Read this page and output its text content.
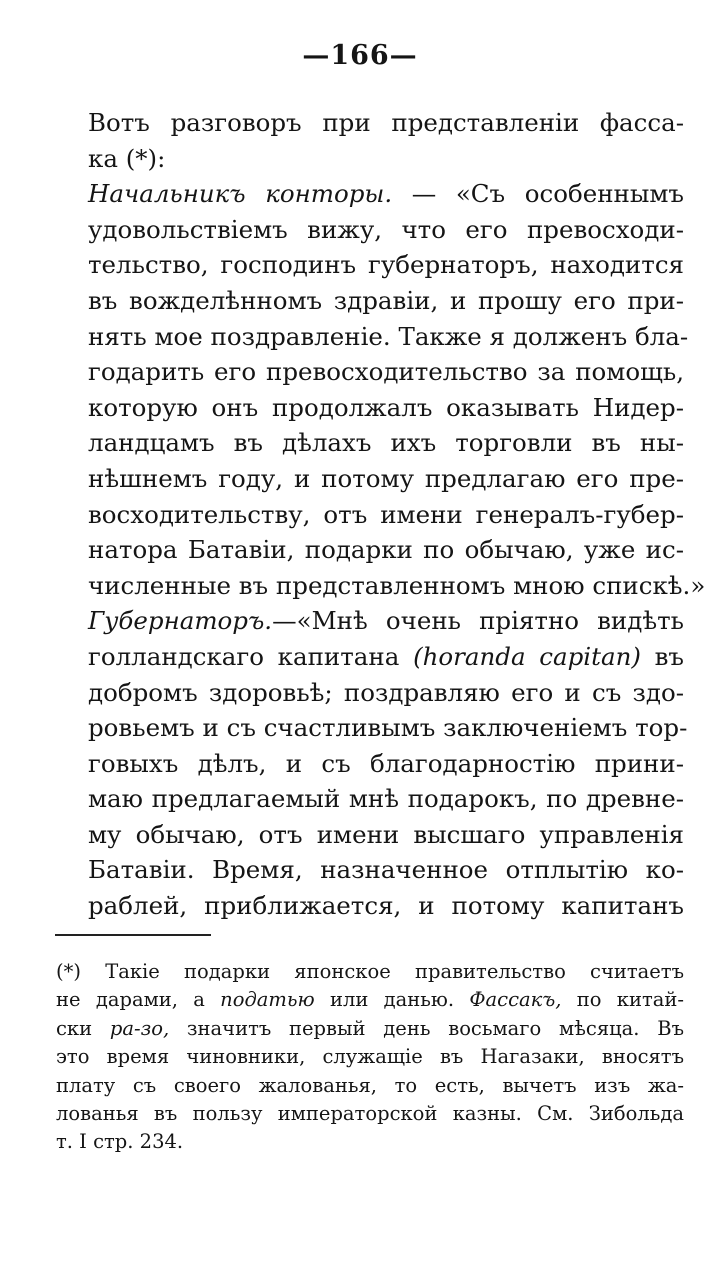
—166—
Вотъ разговоръ при представленіи фасса-
ка (*):
Начальникъ конторы. — «Съ особеннымъ
удовольствіемъ вижу, что его превосходи-
тельство, господинъ губернаторъ, находится
въ вожделѣнномъ здравіи, и прошу его при-
нять мое поздравленіе. Также я долженъ бла-
годарить его превосходительство за помощь,
которую онъ продолжалъ оказывать Нидер-
ландцамъ въ дѣлахъ ихъ торговли въ ны-
нѣшнемъ году, и потому предлагаю его пре-
восходительству, отъ имени генералъ-губер-
натора Батавіи, подарки по обычаю, уже ис-
численные въ представленномъ мною спискѣ.»
Губернаторъ.—«Мнѣ очень пріятно видѣть
голландскаго капитана (horanda capitan) въ
добромъ здоровьѣ; поздравляю его и съ здо-
ровьемъ и съ счастливымъ заключеніемъ тор-
говыхъ дѣлъ, и съ благодарностію прини-
маю предлагаемый мнѣ подарокъ, по древне-
му обычаю, отъ имени высшаго управленія
Батавіи. Время, назначенное отплытію ко-
раблей, приближается, и потому капитанъ
(*) Такіе подарки японское правительство считаетъ
не дарами, а податью или данью. Фассакъ, по китай-
ски ра-зо, значитъ первый день восьмаго мѣсяца. Въ
это время чиновники, служащіе въ Нагазаки, вносятъ
плату съ своего жалованья, то есть, вычетъ изъ жа-
лованья въ пользу императорской казны. См. Зибольда
т. I стр. 234.
